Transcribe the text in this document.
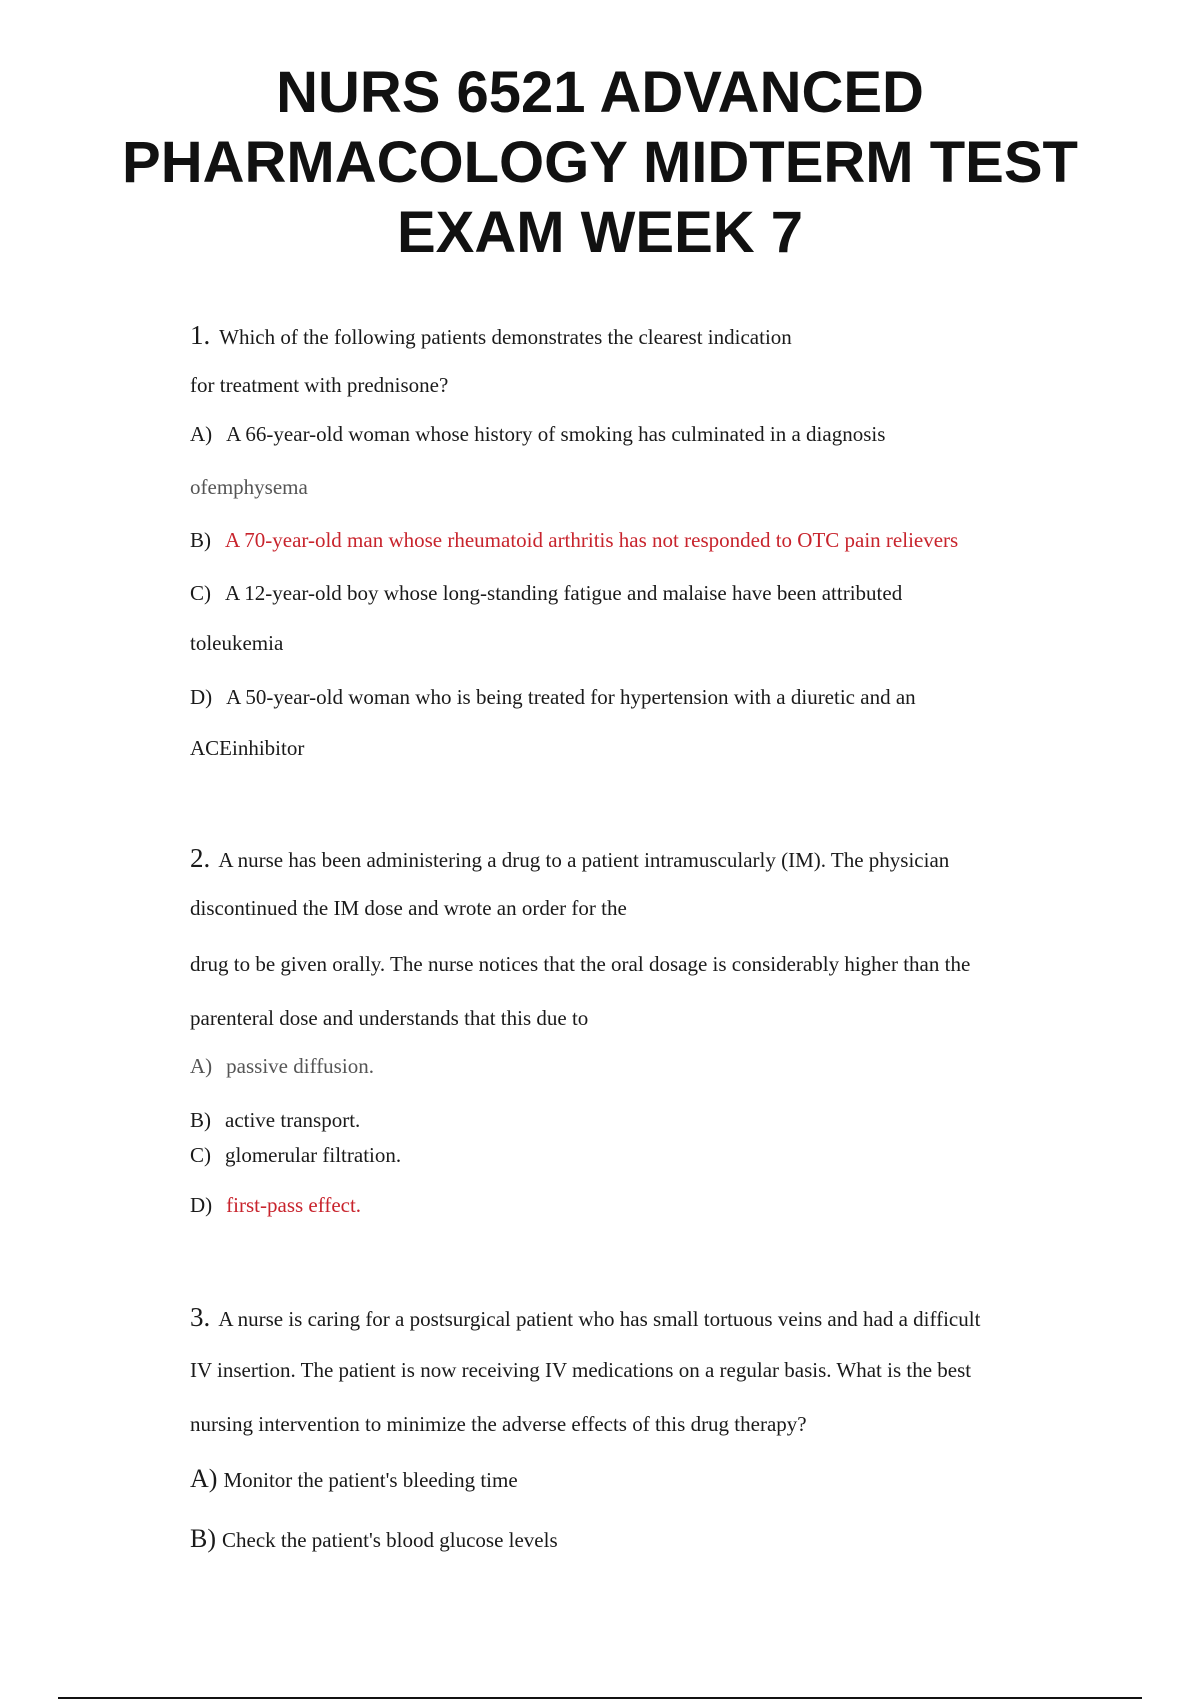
NURS 6521 ADVANCED
PHARMACOLOGY MIDTERM TEST
EXAM WEEK 7

1. Which of the following patients demonstrates the clearest indication

for treatment with prednisone?

A) A 66-year-old woman whose history of smoking has culminated in a diagnosis

ofemphysema

B) A 70-year-old man whose rheumatoid arthritis has not responded to OTC pain relievers

C) A 12-year-old boy whose long-standing fatigue and malaise have been attributed

toleukemia

D) A 50-year-old woman who is being treated for hypertension with a diuretic and an

ACEinhibitor

2. A nurse has been administering a drug to a patient intramuscularly (IM). The physician

discontinued the IM dose and wrote an order for the

drug to be given orally. The nurse notices that the oral dosage is considerably higher than the

parenteral dose and understands that this due to

A) passive diffusion.

B) active transport.

C) glomerular filtration.

D) first-pass effect.

3. A nurse is caring for a postsurgical patient who has small tortuous veins and had a difficult

IV insertion. The patient is now receiving IV medications on a regular basis. What is the best

nursing intervention to minimize the adverse effects of this drug therapy?

A) Monitor the patient's bleeding time

B) Check the patient's blood glucose levels
